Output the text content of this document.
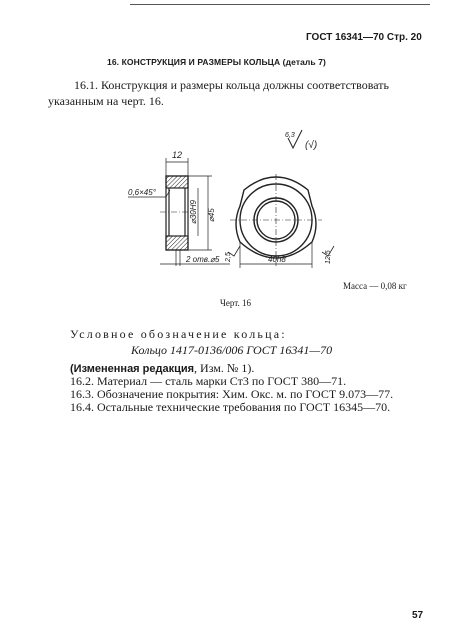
ГОСТ 16341—70 Стр. 20
16. КОНСТРУКЦИЯ И РАЗМЕРЫ КОЛЬЦА (деталь 7)
16.1. Конструкция и размеры кольца должны соответствовать
указанным на черт. 16.
6,3
(√)
12
0,6×45°
⌀30H9 ⌀45
2 отв.⌀5	40h8
2,5	12,5
Масса — 0,08 кг
Черт. 16
Условное обозначение кольца:
Кольцо 1417-0136/006 ГОСТ 16341—70
(Измененная редакция, Изм. № 1).
16.2. Материал — сталь марки Ст3 по ГОСТ 380—71.
16.3. Обозначение покрытия: Хим. Окс. м. по ГОСТ 9.073—77.
16.4. Остальные технические требования по ГОСТ 16345—70.
57
